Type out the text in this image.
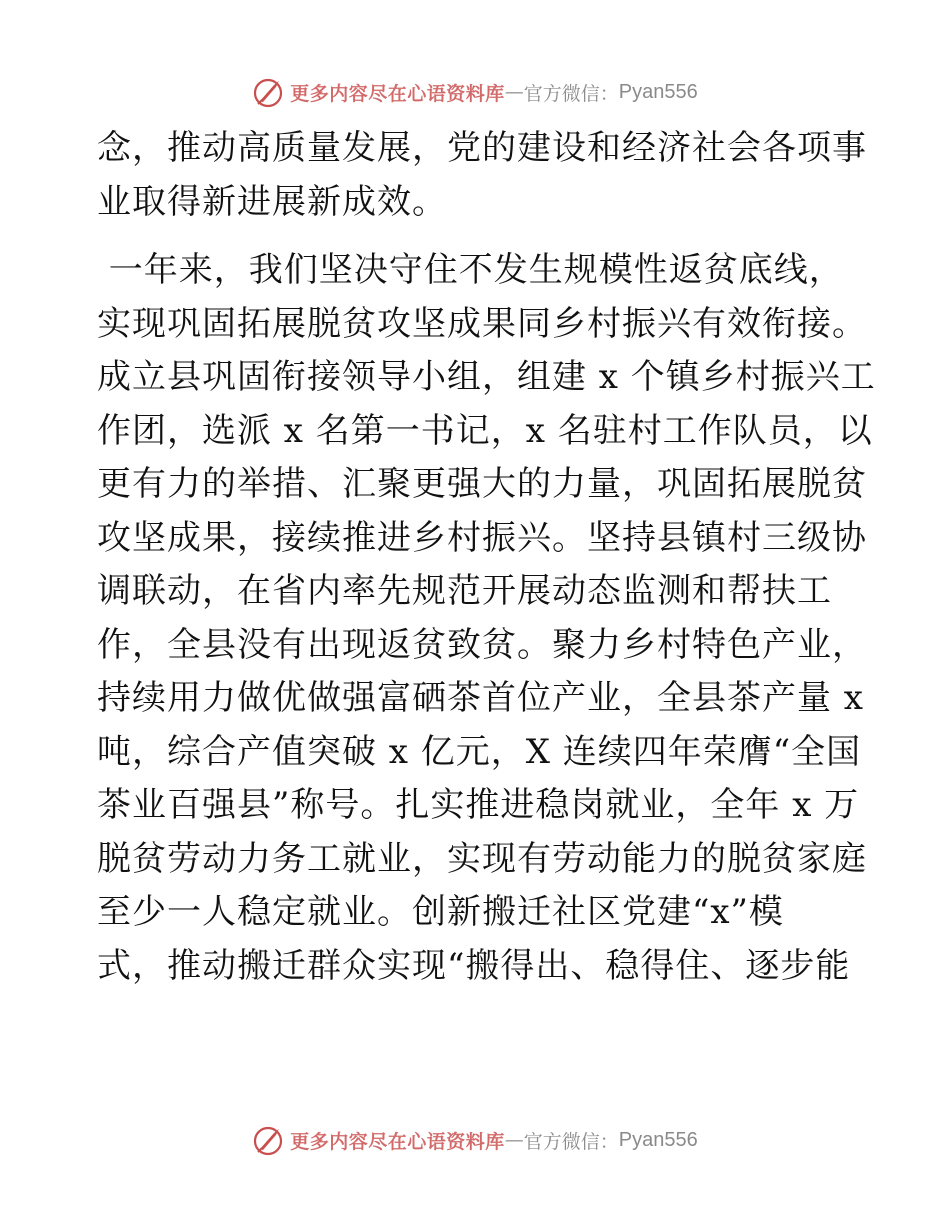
更多内容尽在心语资料库 — 官方微信： Pyan556
念，推动高质量发展，党的建设和经济社会各项事
业取得新进展新成效。
一年来，我们坚决守住不发生规模性返贫底线，
实现巩固拓展脱贫攻坚成果同乡村振兴有效衔接。
成立县巩固衔接领导小组，组建 x 个镇乡村振兴工
作团，选派 x 名第一书记，x 名驻村工作队员，以
更有力的举措、汇聚更强大的力量，巩固拓展脱贫
攻坚成果，接续推进乡村振兴。坚持县镇村三级协
调联动，在省内率先规范开展动态监测和帮扶工
作，全县没有出现返贫致贫。聚力乡村特色产业，
持续用力做优做强富硒茶首位产业，全县茶产量 x
吨，综合产值突破 x 亿元，X 连续四年荣膺“全国
茶业百强县”称号。扎实推进稳岗就业，全年 x 万
脱贫劳动力务工就业，实现有劳动能力的脱贫家庭
至少一人稳定就业。创新搬迁社区党建“x”模
式，推动搬迁群众实现“搬得出、稳得住、逐步能
更多内容尽在心语资料库 — 官方微信： Pyan556
